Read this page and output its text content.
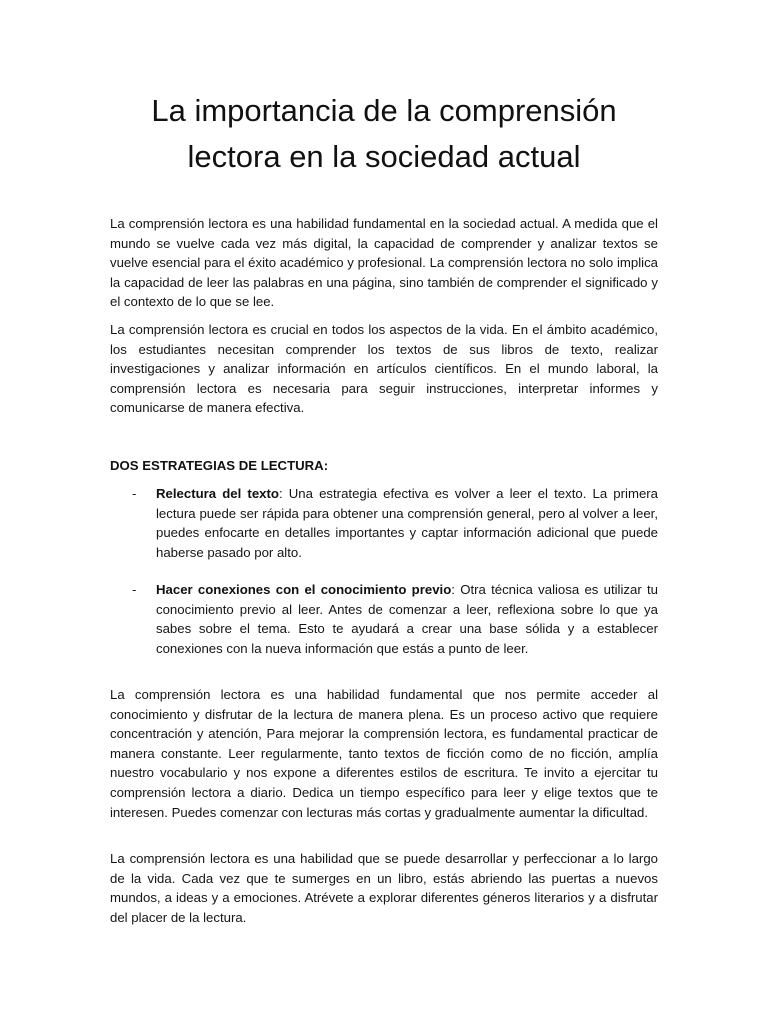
La importancia de la comprensión lectora en la sociedad actual

La comprensión lectora es una habilidad fundamental en la sociedad actual. A medida que el mundo se vuelve cada vez más digital, la capacidad de comprender y analizar textos se vuelve esencial para el éxito académico y profesional. La comprensión lectora no solo implica la capacidad de leer las palabras en una página, sino también de comprender el significado y el contexto de lo que se lee.

La comprensión lectora es crucial en todos los aspectos de la vida. En el ámbito académico, los estudiantes necesitan comprender los textos de sus libros de texto, realizar investigaciones y analizar información en artículos científicos. En el mundo laboral, la comprensión lectora es necesaria para seguir instrucciones, interpretar informes y comunicarse de manera efectiva.

DOS ESTRATEGIAS DE LECTURA:

-	Relectura del texto: Una estrategia efectiva es volver a leer el texto. La primera lectura puede ser rápida para obtener una comprensión general, pero al volver a leer, puedes enfocarte en detalles importantes y captar información adicional que puede haberse pasado por alto.
-	Hacer conexiones con el conocimiento previo: Otra técnica valiosa es utilizar tu conocimiento previo al leer. Antes de comenzar a leer, reflexiona sobre lo que ya sabes sobre el tema. Esto te ayudará a crear una base sólida y a establecer conexiones con la nueva información que estás a punto de leer.

La comprensión lectora es una habilidad fundamental que nos permite acceder al conocimiento y disfrutar de la lectura de manera plena. Es un proceso activo que requiere concentración y atención, Para mejorar la comprensión lectora, es fundamental practicar de manera constante. Leer regularmente, tanto textos de ficción como de no ficción, amplía nuestro vocabulario y nos expone a diferentes estilos de escritura. Te invito a ejercitar tu comprensión lectora a diario. Dedica un tiempo específico para leer y elige textos que te interesen. Puedes comenzar con lecturas más cortas y gradualmente aumentar la dificultad.

La comprensión lectora es una habilidad que se puede desarrollar y perfeccionar a lo largo de la vida. Cada vez que te sumerges en un libro, estás abriendo las puertas a nuevos mundos, a ideas y a emociones. Atrévete a explorar diferentes géneros literarios y a disfrutar del placer de la lectura.
